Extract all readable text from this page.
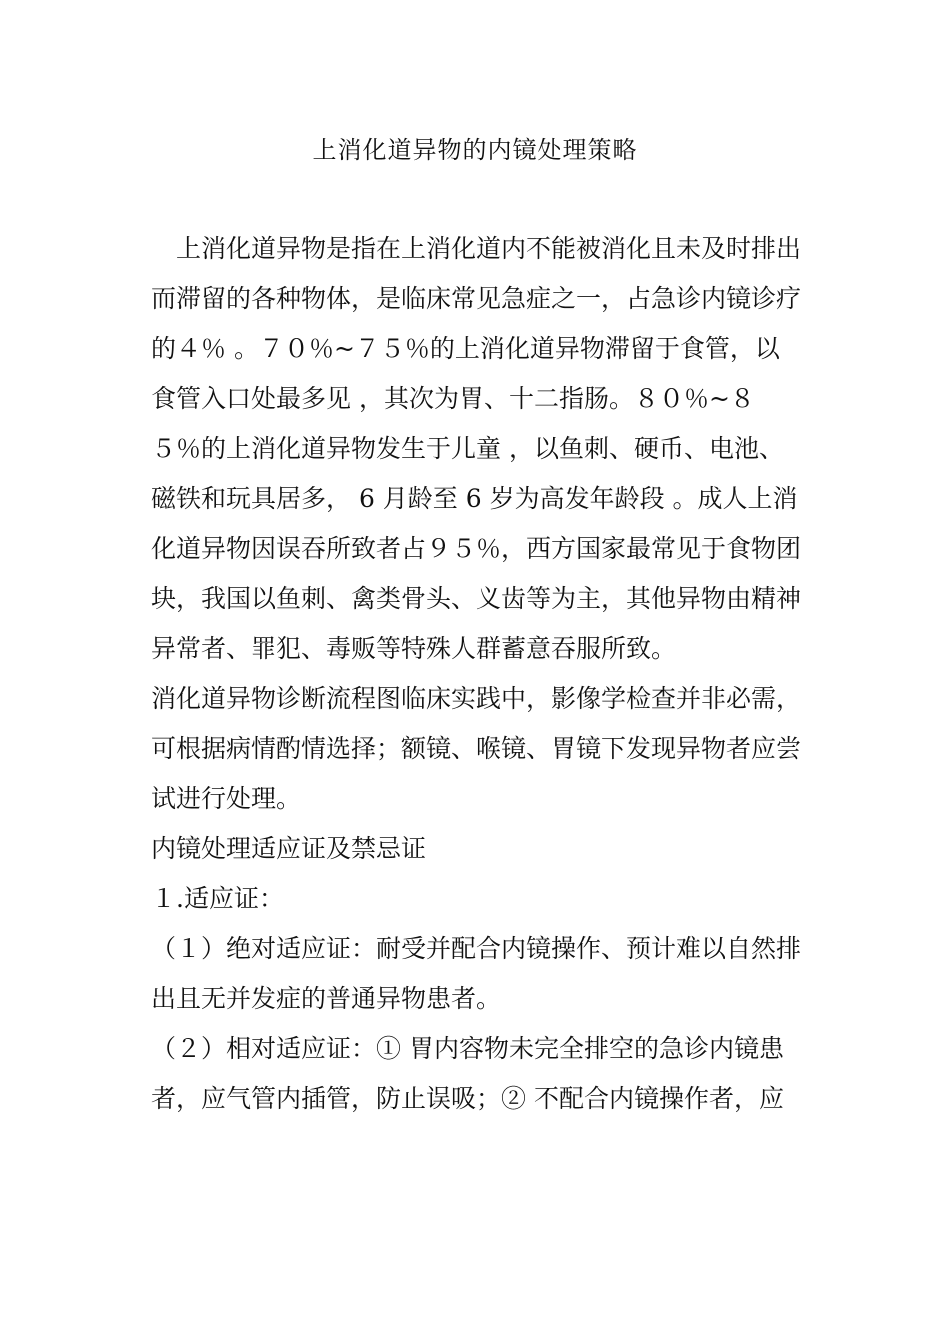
上消化道异物的内镜处理策略

上消化道异物是指在上消化道内不能被消化且未及时排出而滞留的各种物体，是临床常见急症之一，占急诊内镜诊疗的４％ 。７０％~７５％的上消化道异物滞留于食管，以食管入口处最多见 ，其次为胃、十二指肠。８０％~８５％的上消化道异物发生于儿童 ，以鱼刺、硬币、电池、磁铁和玩具居多， 6 月龄至 6 岁为高发年龄段 。成人上消化道异物因误吞所致者占９５％，西方国家最常见于食物团块，我国以鱼刺、禽类骨头、义齿等为主，其他异物由精神异常者、罪犯、毒贩等特殊人群蓄意吞服所致。

消化道异物诊断流程图临床实践中，影像学检查并非必需，可根据病情酌情选择；额镜、喉镜、胃镜下发现异物者应尝试进行处理。

内镜处理适应证及禁忌证

１.适应证：

（１）绝对适应证：耐受并配合内镜操作、预计难以自然排出且无并发症的普通异物患者。

（２）相对适应证：① 胃内容物未完全排空的急诊内镜患者，应气管内插管，防止误吸；② 不配合内镜操作者，应
